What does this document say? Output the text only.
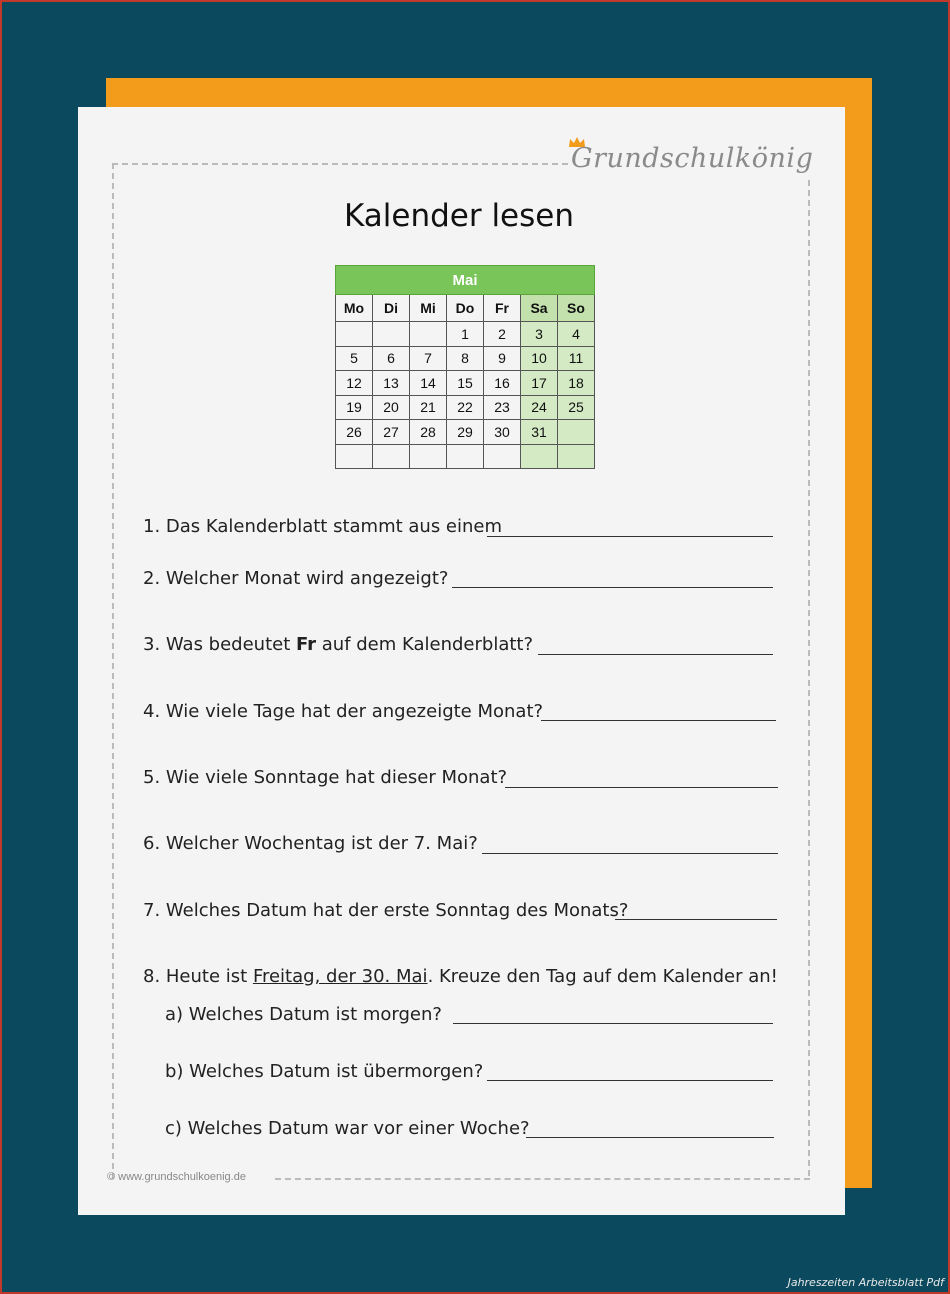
Grundschulkönig
Kalender lesen
Mai						
Mo	Di	Mi	Do	Fr	Sa	So
			1	2	3	4
5	6	7	8	9	10	11
12	13	14	15	16	17	18
19	20	21	22	23	24	25
26	27	28	29	30	31	

1. Das Kalenderblatt stammt aus einem
2. Welcher Monat wird angezeigt?
3. Was bedeutet Fr auf dem Kalenderblatt?
4. Wie viele Tage hat der angezeigte Monat?
5. Wie viele Sonntage hat dieser Monat?
6. Welcher Wochentag ist der 7. Mai?
7. Welches Datum hat der erste Sonntag des Monats?
8. Heute ist Freitag, der 30. Mai. Kreuze den Tag auf dem Kalender an!
a) Welches Datum ist morgen?
b) Welches Datum ist übermorgen?
c) Welches Datum war vor einer Woche?
© www.grundschulkoenig.de
Jahreszeiten Arbeitsblatt Pdf
